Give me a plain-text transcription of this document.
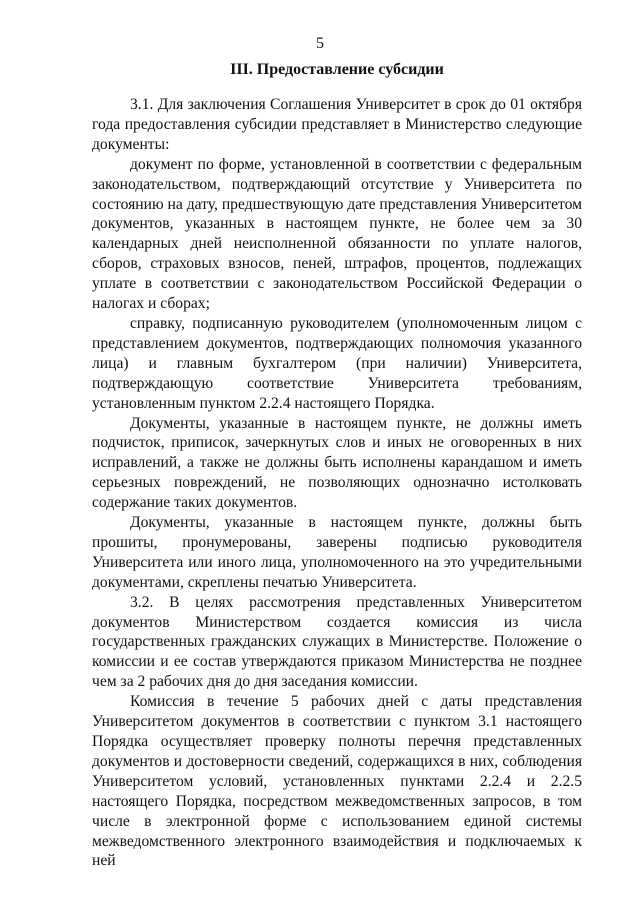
5
III. Предоставление субсидии

3.1. Для заключения Соглашения Университет в срок до 01 октября года предоставления субсидии представляет в Министерство следующие документы:

документ по форме, установленной в соответствии с федеральным законодательством, подтверждающий отсутствие у Университета по состоянию на дату, предшествующую дате представления Университетом документов, указанных в настоящем пункте, не более чем за 30 календарных дней неисполненной обязанности по уплате налогов, сборов, страховых взносов, пеней, штрафов, процентов, подлежащих уплате в соответствии с законодательством Российской Федерации о налогах и сборах;

справку, подписанную руководителем (уполномоченным лицом с представлением документов, подтверждающих полномочия указанного лица) и главным бухгалтером (при наличии) Университета, подтверждающую соответствие Университета требованиям, установленным пунктом 2.2.4 настоящего Порядка.

Документы, указанные в настоящем пункте, не должны иметь подчисток, приписок, зачеркнутых слов и иных не оговоренных в них исправлений, а также не должны быть исполнены карандашом и иметь серьезных повреждений, не позволяющих однозначно истолковать содержание таких документов.

Документы, указанные в настоящем пункте, должны быть прошиты, пронумерованы, заверены подписью руководителя Университета или иного лица, уполномоченного на это учредительными документами, скреплены печатью Университета.

3.2. В целях рассмотрения представленных Университетом документов Министерством создается комиссия из числа государственных гражданских служащих в Министерстве. Положение о комиссии и ее состав утверждаются приказом Министерства не позднее чем за 2 рабочих дня до дня заседания комиссии.

Комиссия в течение 5 рабочих дней с даты представления Университетом документов в соответствии с пунктом 3.1 настоящего Порядка осуществляет проверку полноты перечня представленных документов и достоверности сведений, содержащихся в них, соблюдения Университетом условий, установленных пунктами 2.2.4 и 2.2.5 настоящего Порядка, посредством межведомственных запросов, в том числе в электронной форме с использованием единой системы межведомственного электронного взаимодействия и подключаемых к ней
